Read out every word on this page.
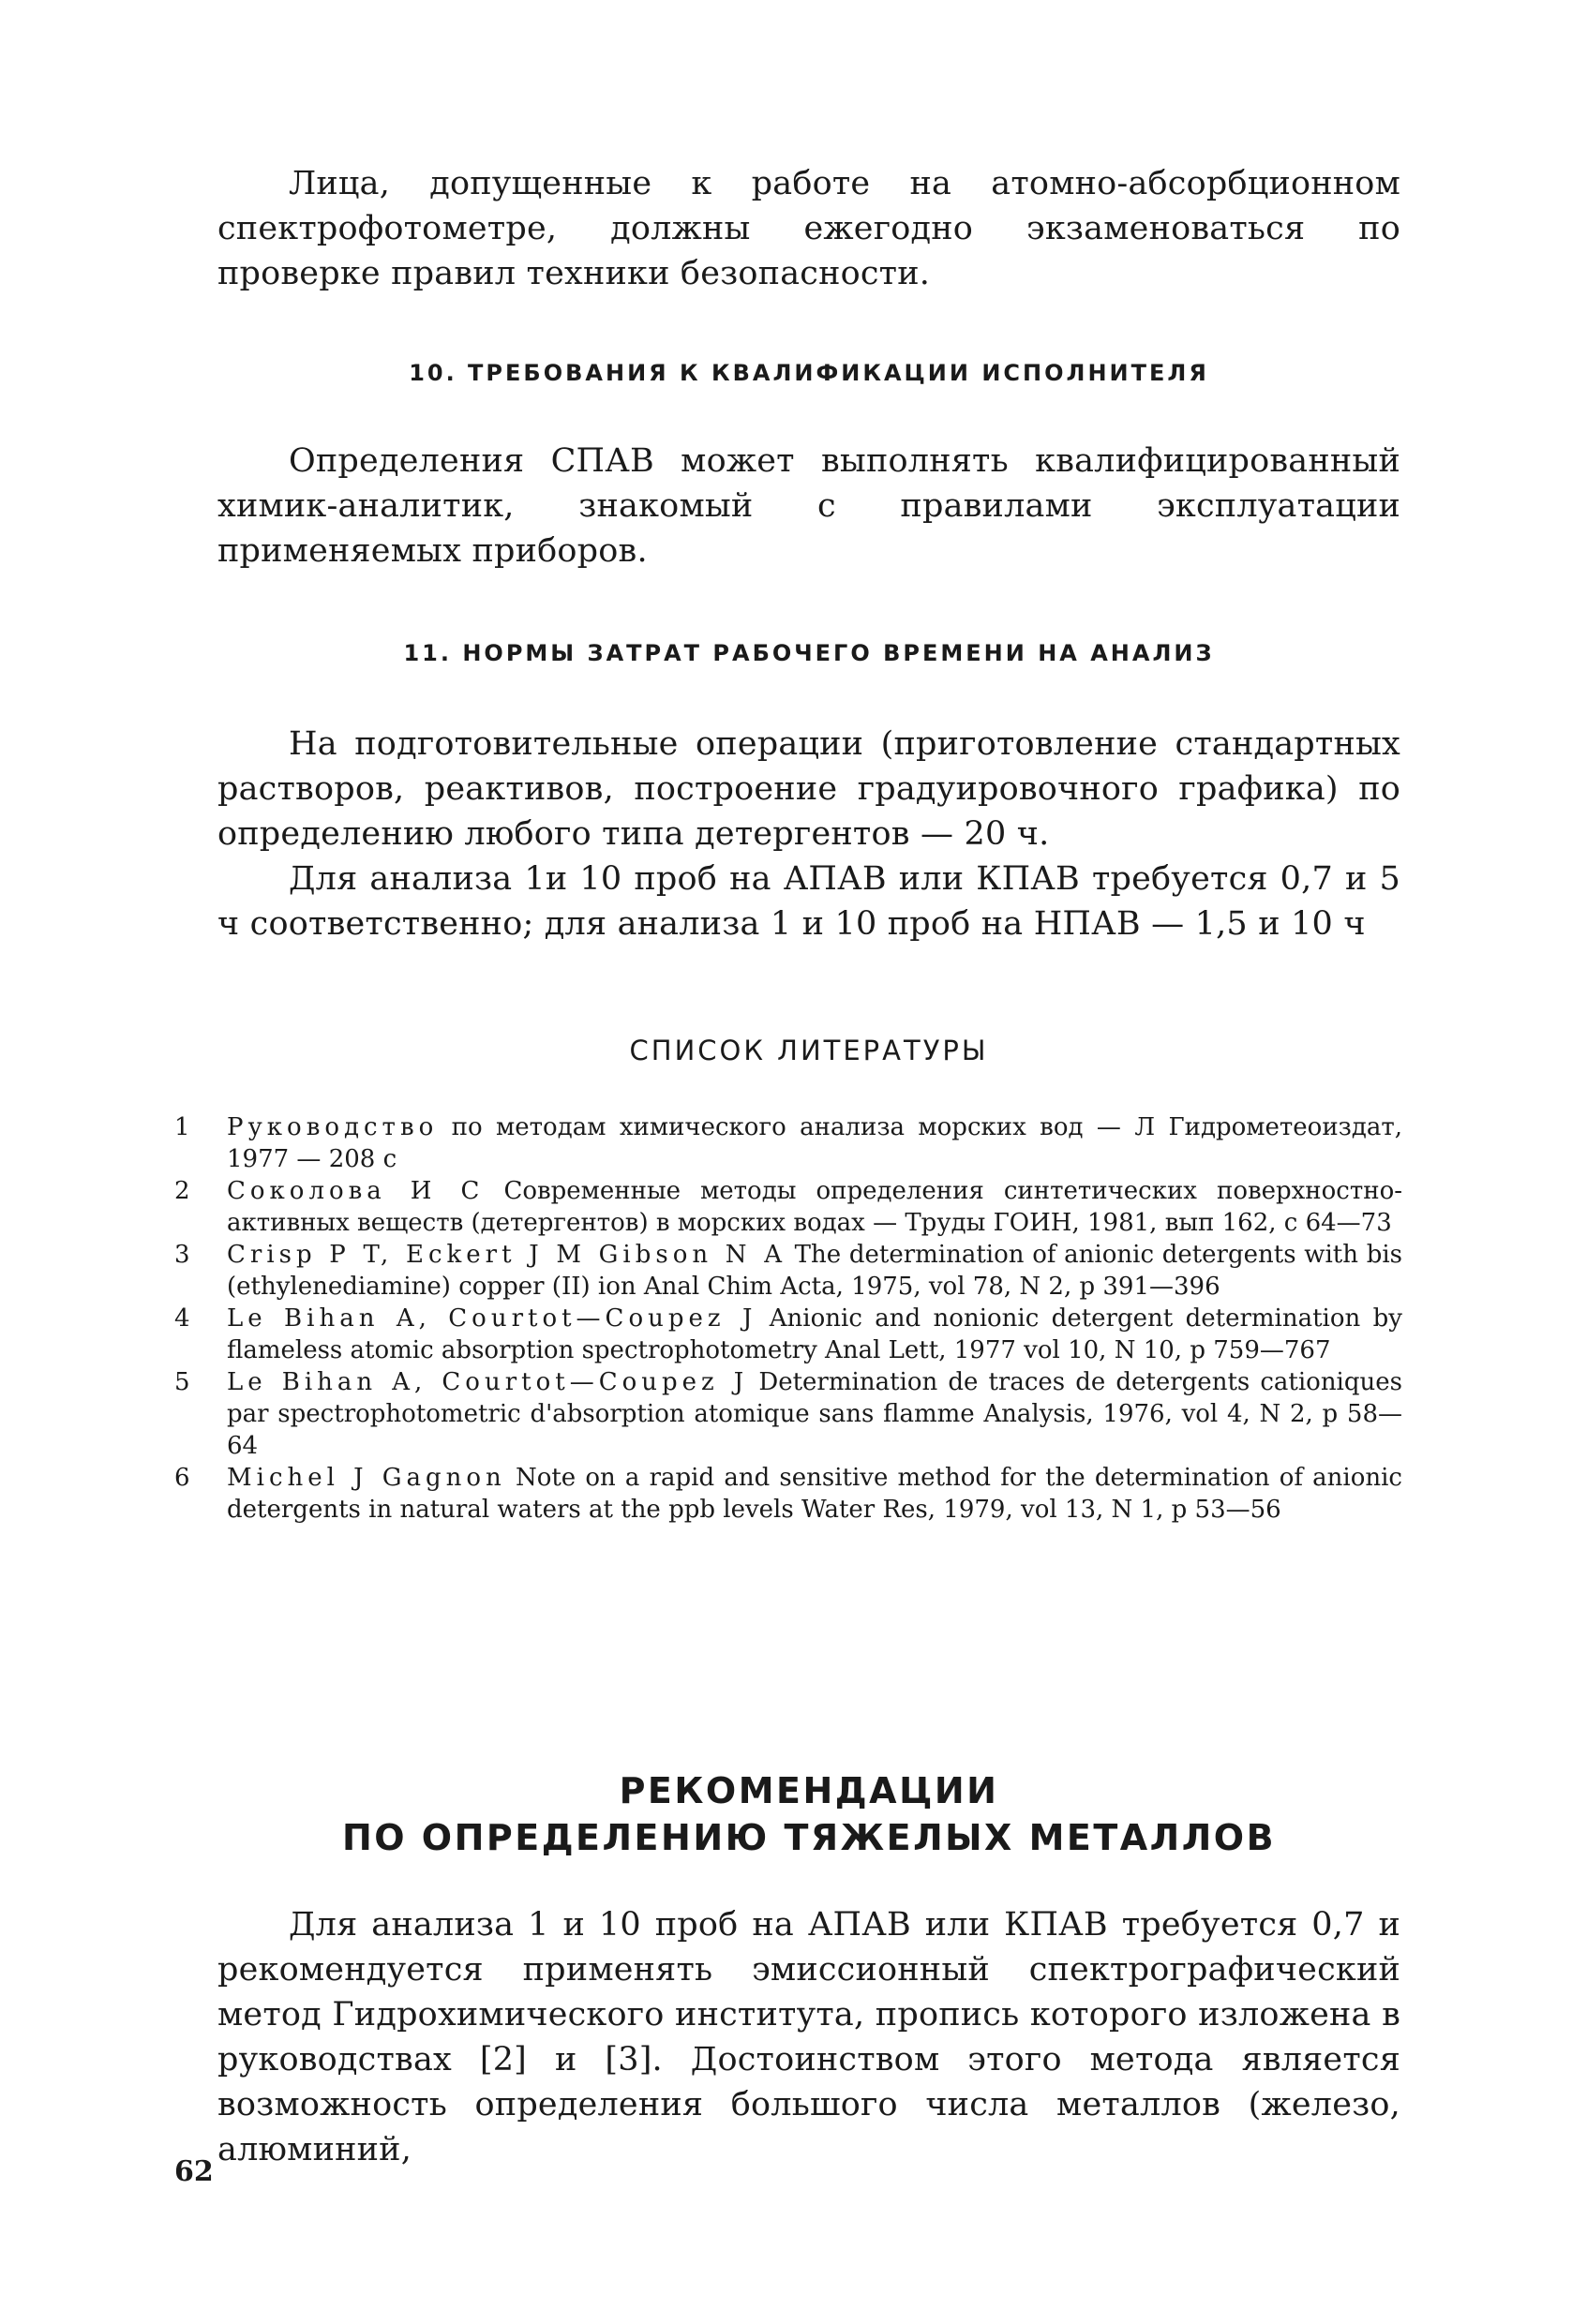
Лица, допущенные к работе на атомно-абсорбционном спектрофотометре, должны ежегодно экзаменоваться по проверке правил техники безопасности.

10. ТРЕБОВАНИЯ К КВАЛИФИКАЦИИ ИСПОЛНИТЕЛЯ

Определения СПАВ может выполнять квалифицированный химик-аналитик, знакомый с правилами эксплуатации применяемых приборов.

11. НОРМЫ ЗАТРАТ РАБОЧЕГО ВРЕМЕНИ НА АНАЛИЗ

На подготовительные операции (приготовление стандартных растворов, реактивов, построение градуировочного графика) по определению любого типа детергентов — 20 ч.

Для анализа 1и 10 проб на АПАВ или КПАВ требуется 0,7 и 5 ч соответственно; для анализа 1 и 10 проб на НПАВ — 1,5 и 10 ч

СПИСОК ЛИТЕРАТУРЫ
1	Руководство по методам химического анализа морских вод — Л Гидрометеоиздат, 1977 — 208 с
2	Соколова И С Современные методы определения синтетических поверхностно-активных веществ (детергентов) в морских водах — Труды ГОИН, 1981, вып 162, с 64—73
3	Crisp P T, Eckert J M Gibson N A The determination of anionic detergents with bis (ethylenediamine) copper (II) ion Anal Chim Acta, 1975, vol 78, N 2, p 391—396
4	Le Bihan A, Courtot—Coupez J Anionic and nonionic detergent determination by flameless atomic absorption spectrophotometry Anal Lett, 1977 vol 10, N 10, p 759—767
5	Le Bihan A, Courtot—Coupez J Determination de traces de detergents cationiques par spectrophotometric d'absorption atomique sans flamme Analysis, 1976, vol 4, N 2, p 58—64
6	Michel J Gagnon Note on a rapid and sensitive method for the determination of anionic detergents in natural waters at the ppb levels Water Res, 1979, vol 13, N 1, p 53—56
РЕКОМЕНДАЦИИ
ПО ОПРЕДЕЛЕНИЮ ТЯЖЕЛЫХ МЕТАЛЛОВ

Для анализа 1 и 10 проб на АПАВ или КПАВ требуется 0,7 и рекомендуется применять эмиссионный спектрографический метод Гидрохимического института, пропись которого изложена в руководствах [2] и [3]. Достоинством этого метода является возможность определения большого числа металлов (железо, алюминий,

62
